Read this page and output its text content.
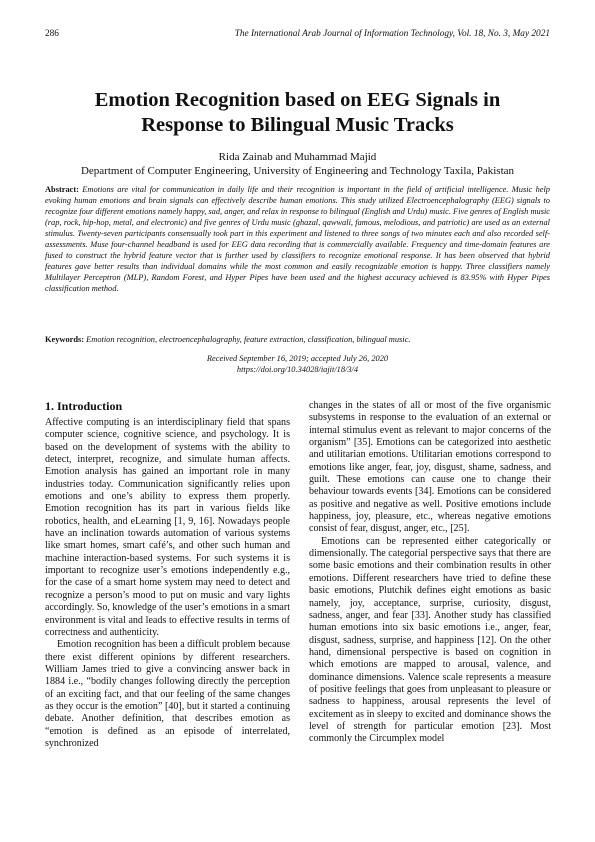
286	The International Arab Journal of Information Technology, Vol. 18, No. 3, May 2021
Emotion Recognition based on EEG Signals in
Response to Bilingual Music Tracks
Rida Zainab and Muhammad Majid
Department of Computer Engineering, University of Engineering and Technology Taxila, Pakistan
Abstract: Emotions are vital for communication in daily life and their recognition is important in the field of artificial intelligence. Music help evoking human emotions and brain signals can effectively describe human emotions. This study utilized Electroencephalography (EEG) signals to recognize four different emotions namely happy, sad, anger, and relax in response to bilingual (English and Urdu) music. Five genres of English music (rap, rock, hip-hop, metal, and electronic) and five genres of Urdu music (ghazal, qawwali, famous, melodious, and patriotic) are used as an external stimulus. Twenty-seven participants consensually took part in this experiment and listened to three songs of two minutes each and also recorded self-assessments. Muse four-channel headband is used for EEG data recording that is commercially available. Frequency and time-domain features are fused to construct the hybrid feature vector that is further used by classifiers to recognize emotional response. It has been observed that hybrid features gave better results than individual domains while the most common and easily recognizable emotion is happy. Three classifiers namely Multilayer Perceptron (MLP), Random Forest, and Hyper Pipes have been used and the highest accuracy achieved is 83.95% with Hyper Pipes classification method.
Keywords: Emotion recognition, electroencephalography, feature extraction, classification, bilingual music.
Received September 16, 2019; accepted July 26, 2020
https://doi.org/10.34028/iajit/18/3/4
1. Introduction

Affective computing is an interdisciplinary field that spans computer science, cognitive science, and psychology. It is based on the development of systems with the ability to detect, interpret, recognize, and simulate human affects. Emotion analysis has gained an important role in many industries today. Communication significantly relies upon emotions and one’s ability to express them properly. Emotion recognition has its part in various fields like robotics, health, and eLearning [1, 9, 16]. Nowadays people have an inclination towards automation of various systems like smart homes, smart café’s, and other such human and machine interaction-based systems. For such systems it is important to recognize user’s emotions independently e.g., for the case of a smart home system may need to detect and recognize a person’s mood to put on music and vary lights accordingly. So, knowledge of the user’s emotions in a smart environment is vital and leads to effective results in terms of correctness and authenticity.

Emotion recognition has been a difficult problem because there exist different opinions by different researchers. William James tried to give a convincing answer back in 1884 i.e., “bodily changes following directly the perception of an exciting fact, and that our feeling of the same changes as they occur is the emotion” [40], but it started a continuing debate. Another definition, that describes emotion as “emotion is defined as an episode of interrelated, synchronized

changes in the states of all or most of the five organismic subsystems in response to the evaluation of an external or internal stimulus event as relevant to major concerns of the organism” [35]. Emotions can be categorized into aesthetic and utilitarian emotions. Utilitarian emotions correspond to emotions like anger, fear, joy, disgust, shame, sadness, and guilt. These emotions can cause one to change their behaviour towards events [34]. Emotions can be considered as positive and negative as well. Positive emotions include happiness, joy, pleasure, etc., whereas negative emotions consist of fear, disgust, anger, etc., [25].

Emotions can be represented either categorically or dimensionally. The categorial perspective says that there are some basic emotions and their combination results in other emotions. Different researchers have tried to define these basic emotions, Plutchik defines eight emotions as basic namely, joy, acceptance, surprise, curiosity, disgust, sadness, anger, and fear [33]. Another study has classified human emotions into six basic emotions i.e., anger, fear, disgust, sadness, surprise, and happiness [12]. On the other hand, dimensional perspective is based on cognition in which emotions are mapped to arousal, valence, and dominance dimensions. Valence scale represents a measure of positive feelings that goes from unpleasant to pleasure or sadness to happiness, arousal represents the level of excitement as in sleepy to excited and dominance shows the level of strength for particular emotion [23]. Most commonly the Circumplex model
